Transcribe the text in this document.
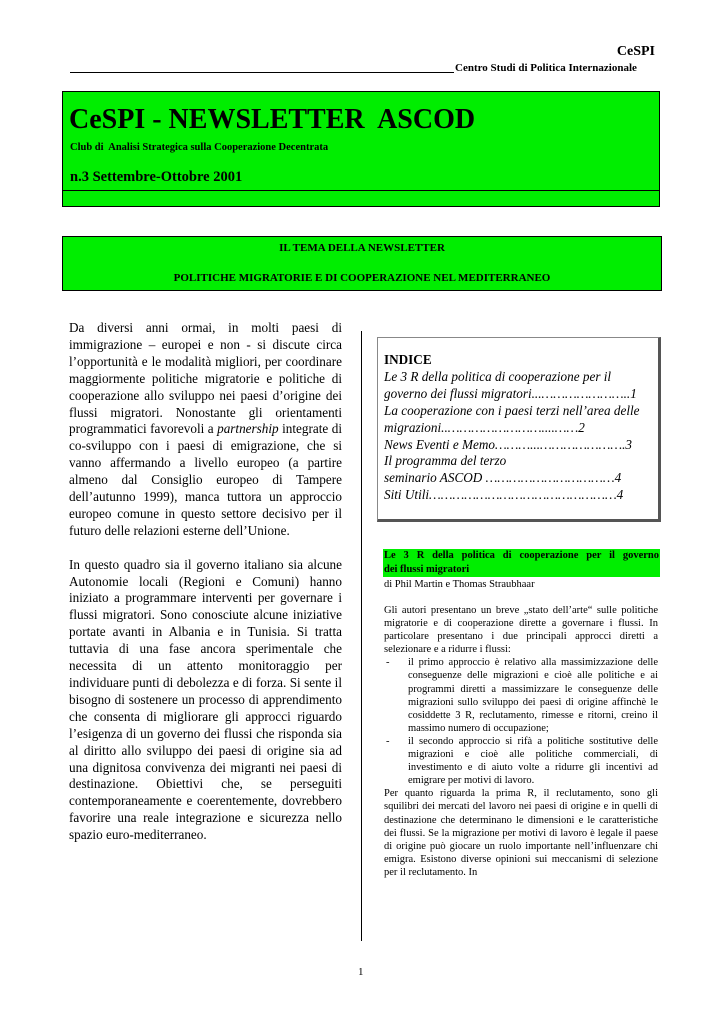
CeSPI
Centro Studi di Politica Internazionale
CeSPI - NEWSLETTER  ASCOD
Club di  Analisi Strategica sulla Cooperazione Decentrata
n.3 Settembre-Ottobre 2001
IL TEMA DELLA NEWSLETTER
POLITICHE MIGRATORIE E DI COOPERAZIONE NEL MEDITERRANEO

Da diversi anni ormai, in molti paesi di immigrazione – europei e non - si discute circa l’opportunità e le modalità migliori, per coordinare maggiormente politiche migratorie e politiche di cooperazione allo sviluppo nei paesi d’origine dei flussi migratori. Nonostante gli orientamenti programmatici favorevoli a partnership integrate di co-sviluppo con i paesi di emigrazione, che si vanno affermando a livello europeo (a partire almeno dal Consiglio europeo di Tampere dell’autunno 1999), manca tuttora un approccio europeo comune in questo settore decisivo per il futuro delle relazioni esterne dell’Unione.

In questo quadro sia il governo italiano sia alcune Autonomie locali (Regioni e Comuni) hanno iniziato a programmare interventi per governare i flussi migratori. Sono conosciute alcune iniziative portate avanti in Albania e in Tunisia. Si tratta tuttavia di una fase ancora sperimentale che necessita di un attento monitoraggio per individuare punti di debolezza e di forza. Si sente il bisogno di sostenere un processo di apprendimento che consenta di migliorare gli approcci riguardo l’esigenza di un governo dei flussi che risponda sia al diritto allo sviluppo dei paesi di origine sia ad una dignitosa convivenza dei migranti nei paesi di destinazione. Obiettivi che, se perseguiti contemporaneamente e coerentemente, dovrebbero favorire una reale integrazione e sicurezza nello spazio euro-mediterraneo.

INDICE
Le 3 R della politica di cooperazione per il governo dei flussi migratori...…………………..1
La cooperazione con i paesi terzi nell’area delle migrazioni..……………………....……2
News Eventi e Memo………...………………….3
Il programma del terzo
seminario ASCOD ……………………………4
Siti Utili…………………………………………4
Le 3 R della politica di cooperazione per il governo
dei flussi migratori
di Phil Martin e Thomas Straubhaar

Gli autori presentano un breve „stato dell’arte“ sulle politiche migratorie e di cooperazione dirette a governare i flussi. In particolare presentano i due principali approcci diretti a selezionare e a ridurre i flussi:

- il primo approccio è relativo alla massimizzazione delle conseguenze delle migrazioni e cioè alle politiche e ai programmi diretti a massimizzare le conseguenze delle migrazioni sullo sviluppo dei paesi di origine affinchè le cosiddette 3 R, reclutamento, rimesse e ritorni, creino il massimo numero di occupazione;
- il secondo approccio si rifà a politiche sostitutive delle migrazioni e cioè alle politiche commerciali, di investimento e di aiuto volte a ridurre gli incentivi ad emigrare per motivi di lavoro.

Per quanto riguarda la prima R, il reclutamento, sono gli squilibri dei mercati del lavoro nei paesi di origine e in quelli di destinazione che determinano le dimensioni e le caratteristiche dei flussi. Se la migrazione per motivi di lavoro è legale il paese di origine può giocare un ruolo importante nell’influenzare chi emigra. Esistono diverse opinioni sui meccanismi di selezione per il reclutamento. In

1
